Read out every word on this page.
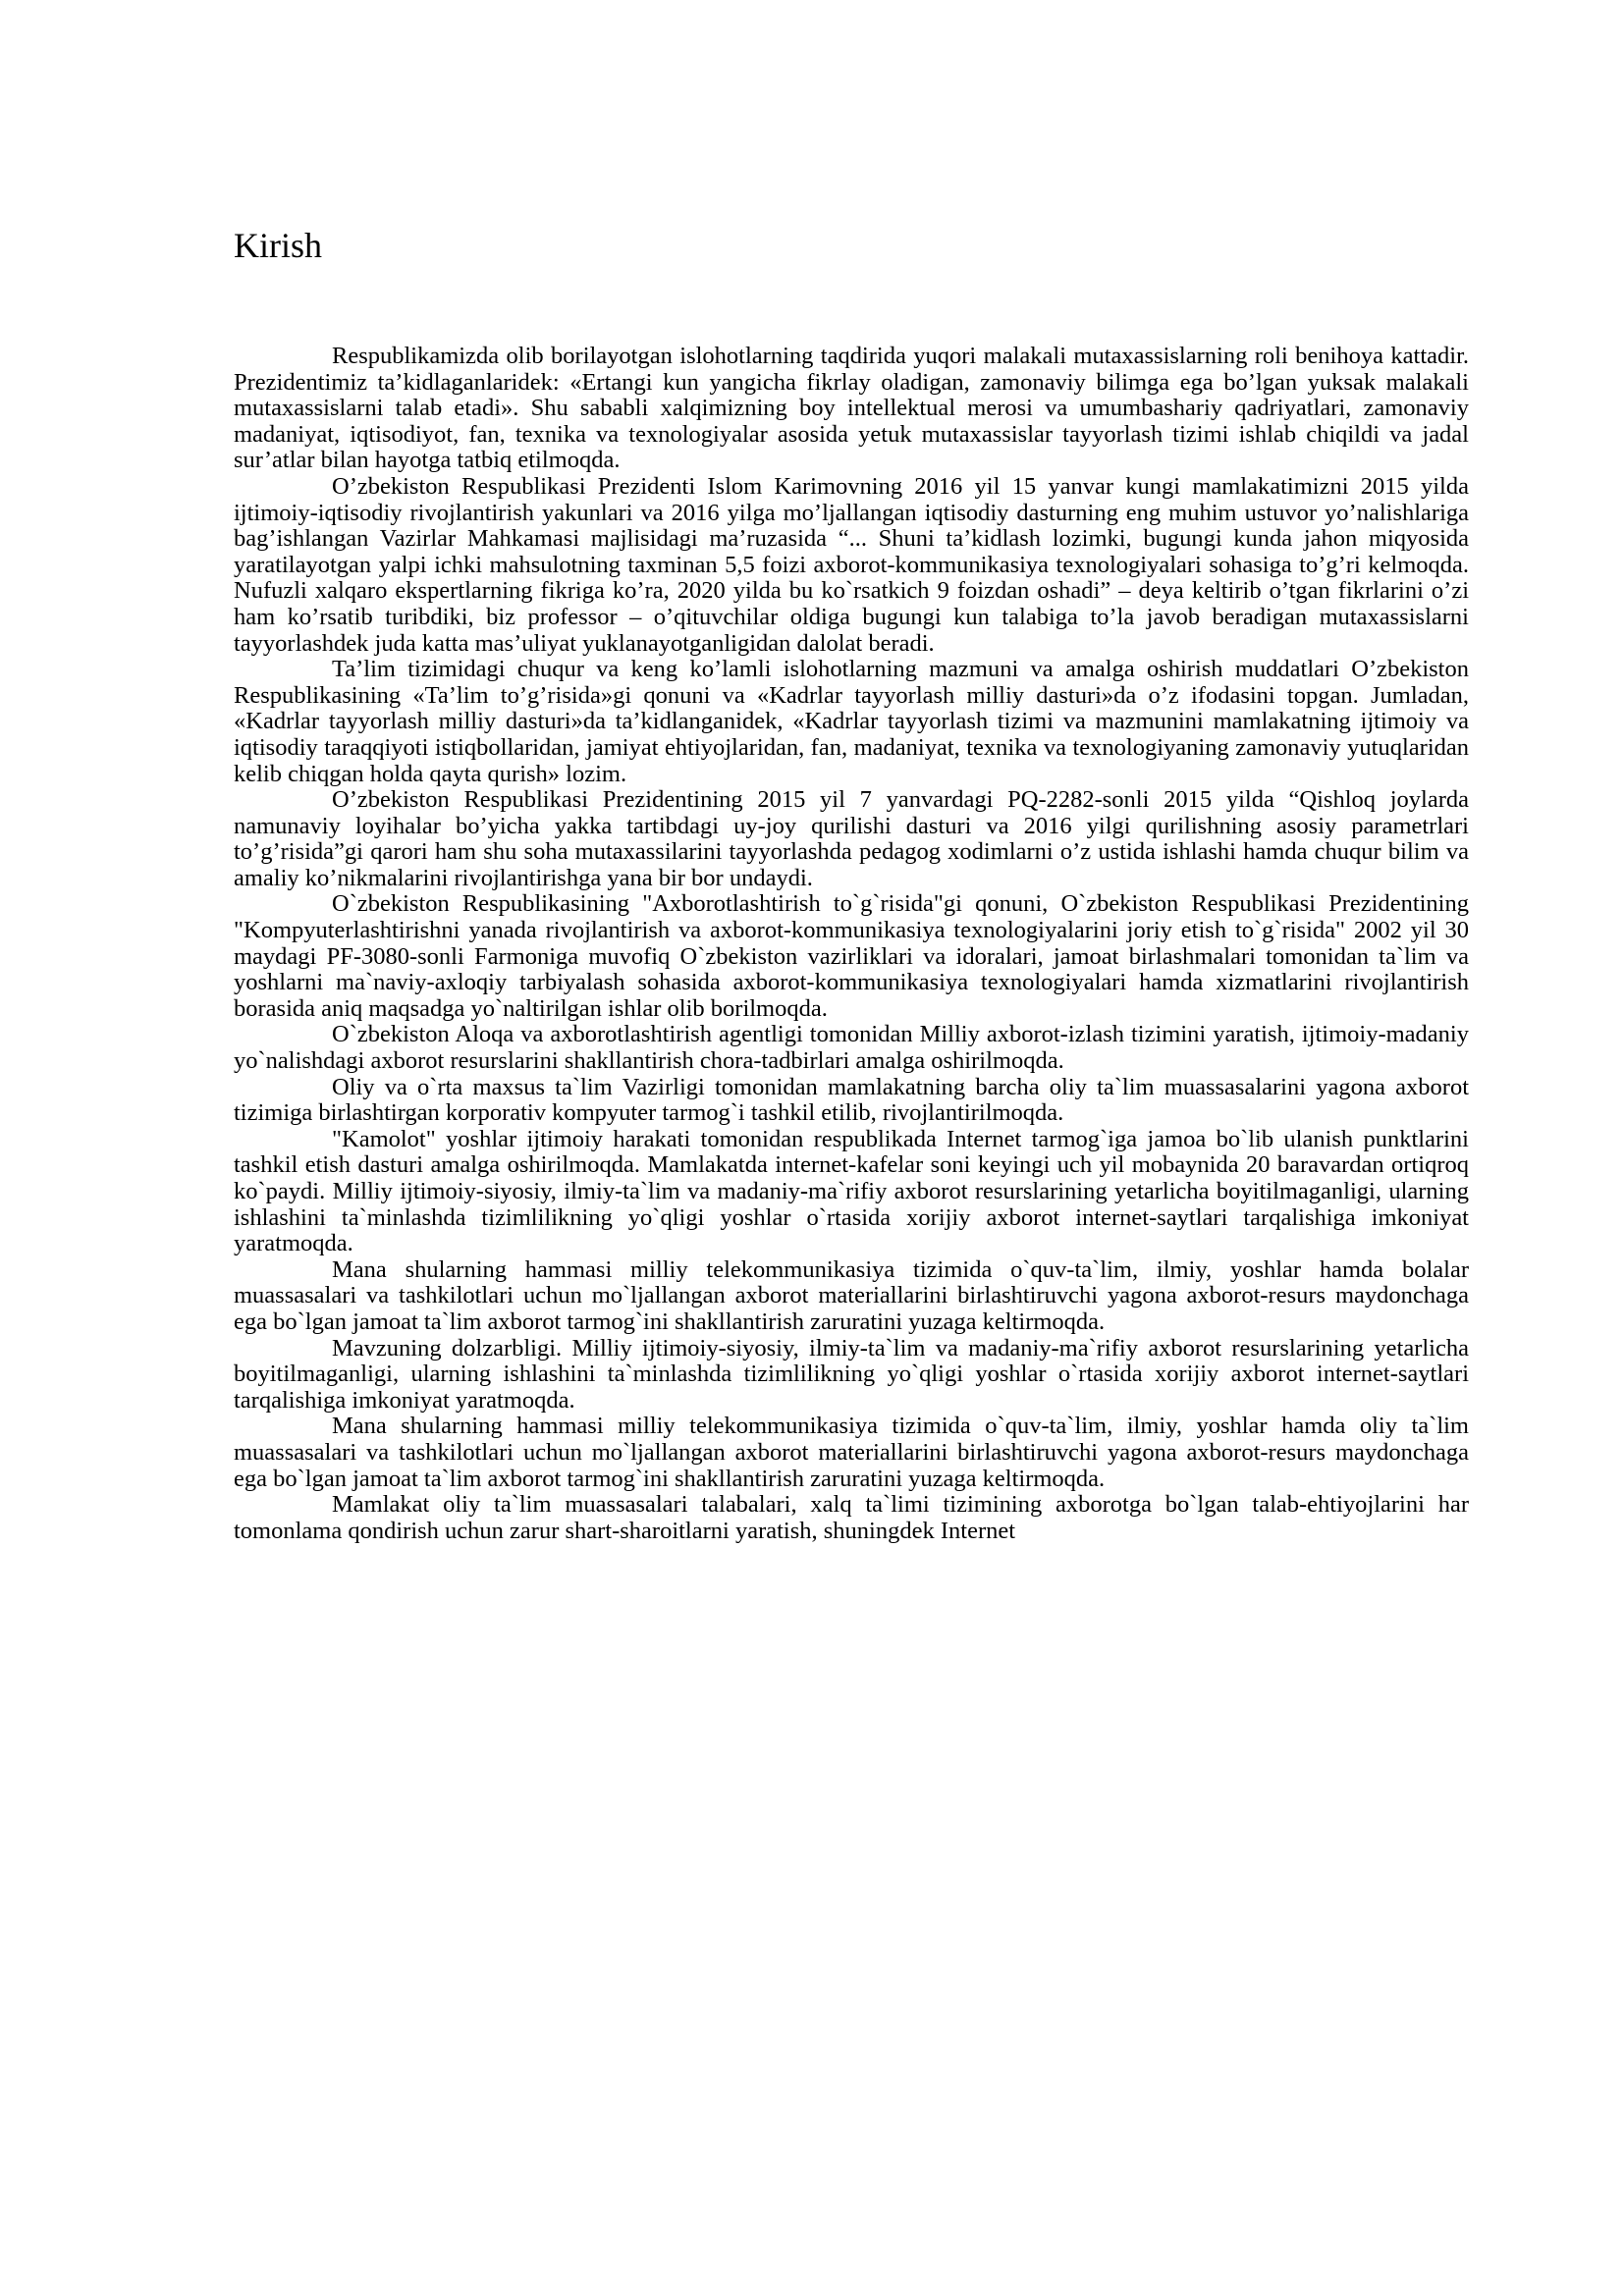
Kirish

Respublikamizda olib borilayotgan islohotlarning taqdirida yuqori malakali mutaxassislarning roli benihoya kattadir. Prezidentimiz ta’kidlaganlaridek: «Ertangi kun yangicha fikrlay oladigan, zamonaviy bilimga ega bo’lgan yuksak malakali mutaxassislarni talab etadi». Shu sababli xalqimizning boy intellektual merosi va umumbashariy qadriyatlari, zamonaviy madaniyat, iqtisodiyot, fan, texnika va texnologiyalar asosida yetuk mutaxassislar tayyorlash tizimi ishlab chiqildi va jadal sur’atlar bilan hayotga tatbiq etilmoqda.

O’zbekiston Respublikasi Prezidenti Islom Karimovning 2016 yil 15 yanvar kungi mamlakatimizni 2015 yilda ijtimoiy-iqtisodiy rivojlantirish yakunlari va 2016 yilga mo’ljallangan iqtisodiy dasturning eng muhim ustuvor yo’nalishlariga bag’ishlangan Vazirlar Mahkamasi majlisidagi ma’ruzasida “... Shuni ta’kidlash lozimki, bugungi kunda jahon miqyosida yaratilayotgan yalpi ichki mahsulotning taxminan 5,5 foizi axborot-kommunikasiya texnologiyalari sohasiga to’g’ri kelmoqda. Nufuzli xalqaro ekspertlarning fikriga ko’ra, 2020 yilda bu ko`rsatkich 9 foizdan oshadi” – deya keltirib o’tgan fikrlarini o’zi ham ko’rsatib turibdiki, biz professor – o’qituvchilar oldiga bugungi kun talabiga to’la javob beradigan mutaxassislarni tayyorlashdek juda katta mas’uliyat yuklanayotganligidan dalolat beradi.

Ta’lim tizimidagi chuqur va keng ko’lamli islohotlarning mazmuni va amalga oshirish muddatlari O’zbekiston Respublikasining «Ta’lim to’g’risida»gi qonuni va «Kadrlar tayyorlash milliy dasturi»da o’z ifodasini topgan. Jumladan, «Kadrlar tayyorlash milliy dasturi»da ta’kidlanganidek, «Kadrlar tayyorlash tizimi va mazmunini mamlakatning ijtimoiy va iqtisodiy taraqqiyoti istiqbollaridan, jamiyat ehtiyojlaridan, fan, madaniyat, texnika va texnologiyaning zamonaviy yutuqlaridan kelib chiqgan holda qayta qurish» lozim.

O’zbekiston Respublikasi Prezidentining 2015 yil 7 yanvardagi PQ-2282-sonli 2015 yilda “Qishloq joylarda namunaviy loyihalar bo’yicha yakka tartibdagi uy-joy qurilishi dasturi va 2016 yilgi qurilishning asosiy parametrlari to’g’risida”gi qarori ham shu soha mutaxassilarini tayyorlashda pedagog xodimlarni o’z ustida ishlashi hamda chuqur bilim va amaliy ko’nikmalarini rivojlantirishga yana bir bor undaydi.

O`zbekiston Respublikasining "Axborotlashtirish to`g`risida"gi qonuni, O`zbekiston Respublikasi Prezidentining "Kompyuterlashtirishni yanada rivojlantirish va axborot-kommunikasiya texnologiyalarini joriy etish to`g`risida" 2002 yil 30 maydagi PF-3080-sonli Farmoniga muvofiq O`zbekiston vazirliklari va idoralari, jamoat birlashmalari tomonidan ta`lim va yoshlarni ma`naviy-axloqiy tarbiyalash sohasida axborot-kommunikasiya texnologiyalari hamda xizmatlarini rivojlantirish borasida aniq maqsadga yo`naltirilgan ishlar olib borilmoqda.

O`zbekiston Aloqa va axborotlashtirish agentligi tomonidan Milliy axborot-izlash tizimini yaratish, ijtimoiy-madaniy yo`nalishdagi axborot resurslarini shakllantirish chora-tadbirlari amalga oshirilmoqda.

Oliy va o`rta maxsus ta`lim Vazirligi tomonidan mamlakatning barcha oliy ta`lim muassasalarini yagona axborot tizimiga birlashtirgan korporativ kompyuter tarmog`i tashkil etilib, rivojlantirilmoqda.

"Kamolot" yoshlar ijtimoiy harakati tomonidan respublikada Internet tarmog`iga jamoa bo`lib ulanish punktlarini tashkil etish dasturi amalga oshirilmoqda. Mamlakatda internet-kafelar soni keyingi uch yil mobaynida 20 baravardan ortiqroq ko`paydi. Milliy ijtimoiy-siyosiy, ilmiy-ta`lim va madaniy-ma`rifiy axborot resurslarining yetarlicha boyitilmaganligi, ularning ishlashini ta`minlashda tizimlilikning yo`qligi yoshlar o`rtasida xorijiy axborot internet-saytlari tarqalishiga imkoniyat yaratmoqda.

Mana shularning hammasi milliy telekommunikasiya tizimida o`quv-ta`lim, ilmiy, yoshlar hamda bolalar muassasalari va tashkilotlari uchun mo`ljallangan axborot materiallarini birlashtiruvchi yagona axborot-resurs maydonchaga ega bo`lgan jamoat ta`lim axborot tarmog`ini shakllantirish zaruratini yuzaga keltirmoqda.

Mavzuning dolzarbligi. Milliy ijtimoiy-siyosiy, ilmiy-ta`lim va madaniy-ma`rifiy axborot resurslarining yetarlicha boyitilmaganligi, ularning ishlashini ta`minlashda tizimlilikning yo`qligi yoshlar o`rtasida xorijiy axborot internet-saytlari tarqalishiga imkoniyat yaratmoqda.

Mana shularning hammasi milliy telekommunikasiya tizimida o`quv-ta`lim, ilmiy, yoshlar hamda oliy ta`lim muassasalari va tashkilotlari uchun mo`ljallangan axborot materiallarini birlashtiruvchi yagona axborot-resurs maydonchaga ega bo`lgan jamoat ta`lim axborot tarmog`ini shakllantirish zaruratini yuzaga keltirmoqda.

Mamlakat oliy ta`lim muassasalari talabalari, xalq ta`limi tizimining axborotga bo`lgan talab-ehtiyojlarini har tomonlama qondirish uchun zarur shart-sharoitlarni yaratish, shuningdek Internet
